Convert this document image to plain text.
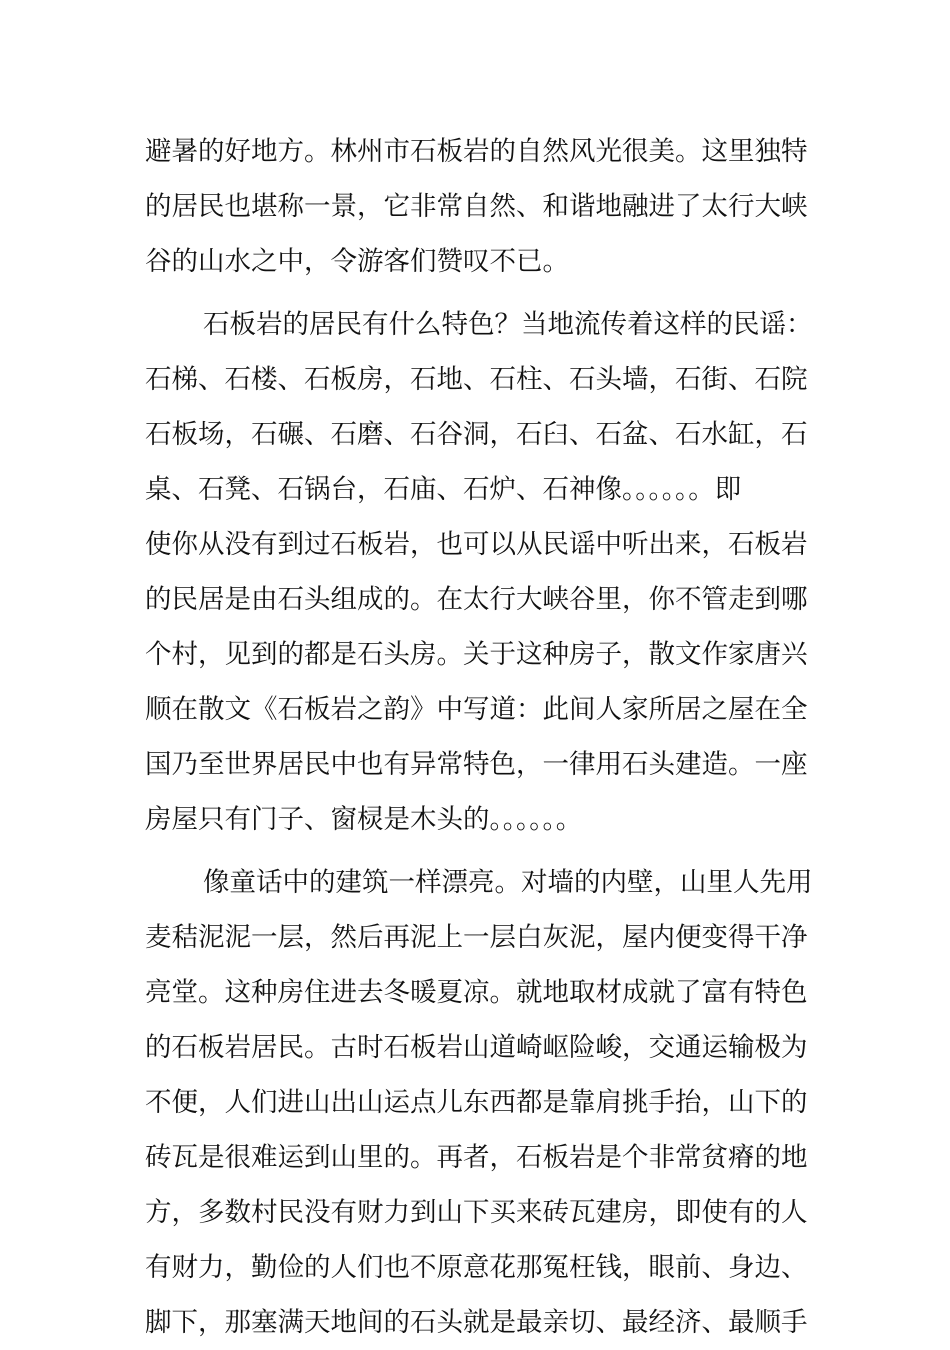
避暑的好地方。林州市石板岩的自然风光很美。这里独特
的居民也堪称一景，它非常自然、和谐地融进了太行大峡
谷的山水之中，令游客们赞叹不已。
石板岩的居民有什么特色？当地流传着这样的民谣：
石梯、石楼、石板房，石地、石柱、石头墙，石街、石院
石板场，石碾、石磨、石谷洞，石臼、石盆、石水缸，石
桌、石凳、石锅台，石庙、石炉、石神像。。。。。。即
使你从没有到过石板岩，也可以从民谣中听出来，石板岩
的民居是由石头组成的。在太行大峡谷里，你不管走到哪
个村，见到的都是石头房。关于这种房子，散文作家唐兴
顺在散文《石板岩之韵》中写道：此间人家所居之屋在全
国乃至世界居民中也有异常特色，一律用石头建造。一座
房屋只有门子、窗棂是木头的。。。。。。
像童话中的建筑一样漂亮。对墙的内壁，山里人先用
麦秸泥泥一层，然后再泥上一层白灰泥，屋内便变得干净
亮堂。这种房住进去冬暖夏凉。就地取材成就了富有特色
的石板岩居民。古时石板岩山道崎岖险峻，交通运输极为
不便，人们进山出山运点儿东西都是靠肩挑手抬，山下的
砖瓦是很难运到山里的。再者，石板岩是个非常贫瘠的地
方，多数村民没有财力到山下买来砖瓦建房，即使有的人
有财力，勤俭的人们也不原意花那冤枉钱，眼前、身边、
脚下，那塞满天地间的石头就是最亲切、最经济、最顺手
